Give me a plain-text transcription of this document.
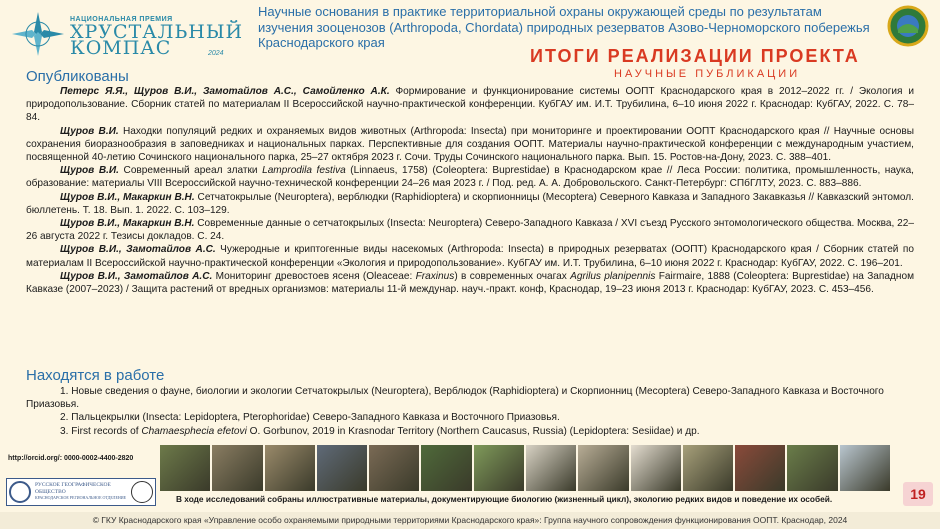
НАЦИОНАЛЬНАЯ ПРЕМИЯ
ХРУСТАЛЬНЫЙ
КОМПАС	2024
Научные основания в практике территориальной охраны окружающей среды по результатам изучения зооценозов (Arthropoda, Chordata) природных резерватов Азово-Черноморского побережья Краснодарского края
ИТОГИ РЕАЛИЗАЦИИ ПРОЕКТА
НАУЧНЫЕ ПУБЛИКАЦИИ
Опубликованы

Петерс Я.Я., Щуров В.И., Замотайлов А.С., Самойленко А.К. Формирование и функционирование системы ООПТ Краснодарского края в 2012–2022 гг. / Экология и природопользование. Сборник статей по материалам II Всероссийской научно-практической конференции. КубГАУ им. И.Т. Трубилина, 6–10 июня 2022 г. Краснодар: КубГАУ, 2022. С. 78–84.

Щуров В.И. Находки популяций редких и охраняемых видов животных (Arthropoda: Insecta) при мониторинге и проектировании ООПТ Краснодарского края // Научные основы сохранения биоразнообразия в заповедниках и национальных парках. Перспективные для создания ООПТ. Материалы научно-практической конференции с международным участием, посвященной 40-летию Сочинского национального парка, 25–27 октября 2023 г. Сочи. Труды Сочинского национального парка. Вып. 15. Ростов-на-Дону, 2023. С. 388–401.

Щуров В.И. Современный ареал златки Lamprodila festiva (Linnaeus, 1758) (Coleoptera: Buprestidae) в Краснодарском крае // Леса России: политика, промышленность, наука, образование: материалы VIII Всероссийской научно-технической конференции 24–26 мая 2023 г. / Под. ред. А. А. Добровольского. Санкт-Петербург: СПбГЛТУ, 2023. С. 883–886.

Щуров В.И., Макаркин В.Н. Сетчатокрылые (Neuroptera), верблюдки (Raphidioptera) и скорпионницы (Mecoptera) Северного Кавказа и Западного Закавказья // Кавказский энтомол. бюллетень. Т. 18. Вып. 1. 2022. С. 103–129.

Щуров В.И., Макаркин В.Н. Современные данные о сетчатокрылых (Insecta: Neuroptera) Северо-Западного Кавказа / XVI съезд Русского энтомологического общества. Москва, 22–26 августа 2022 г. Тезисы докладов. С. 24.

Щуров В.И., Замотайлов А.С. Чужеродные и криптогенные виды насекомых (Arthropoda: Insecta) в природных резерватах (ООПТ) Краснодарского края / Сборник статей по материалам II Всероссийской научно-практической конференции «Экология и природопользование». КубГАУ им. И.Т. Трубилина, 6–10 июня 2022 г. Краснодар: КубГАУ, 2022. С. 196–201.

Щуров В.И., Замотайлов А.С. Мониторинг древостоев ясеня (Oleaceae: Fraxinus) в современных очагах Agrilus planipennis Fairmaire, 1888 (Coleoptera: Buprestidae) на Западном Кавказе (2007–2023) / Защита растений от вредных организмов: материалы 11-й междунар. науч.-практ. конф, Краснодар, 19–23 июня 2013 г. Краснодар: КубГАУ, 2023. С. 453–456.

Находятся в работе

1. Новые сведения о фауне, биологии и экологии Сетчатокрылых (Neuroptera), Верблюдок (Raphidioptera) и Скорпионниц (Mecoptera) Северо-Западного Кавказа и Восточного Приазовья.

2. Пальцекрылки (Insecta: Lepidoptera, Pterophoridae) Северо-Западного Кавказа и Восточного Приазовья.

3. First records of Chamaesphecia efetovi O. Gorbunov, 2019 in Krasnodar Territory (Northern Caucasus, Russia) (Lepidoptera: Sesiidae) и др.

http://orcid.org/: 0000-0002-4400-2820
РУССКОЕ ГЕОГРАФИЧЕСКОЕ
ОБЩЕСТВО
КРАСНОДАРСКОЕ РЕГИОНАЛЬНОЕ ОТДЕЛЕНИЕ	В ходе исследований собраны иллюстративные материалы, документирующие биологию (жизненный цикл), экологию редких видов и поведение их особей.	19
© ГКУ Краснодарского края «Управление особо охраняемыми природными территориями Краснодарского края»: Группа научного сопровождения функционирования ООПТ. Краснодар, 2024
